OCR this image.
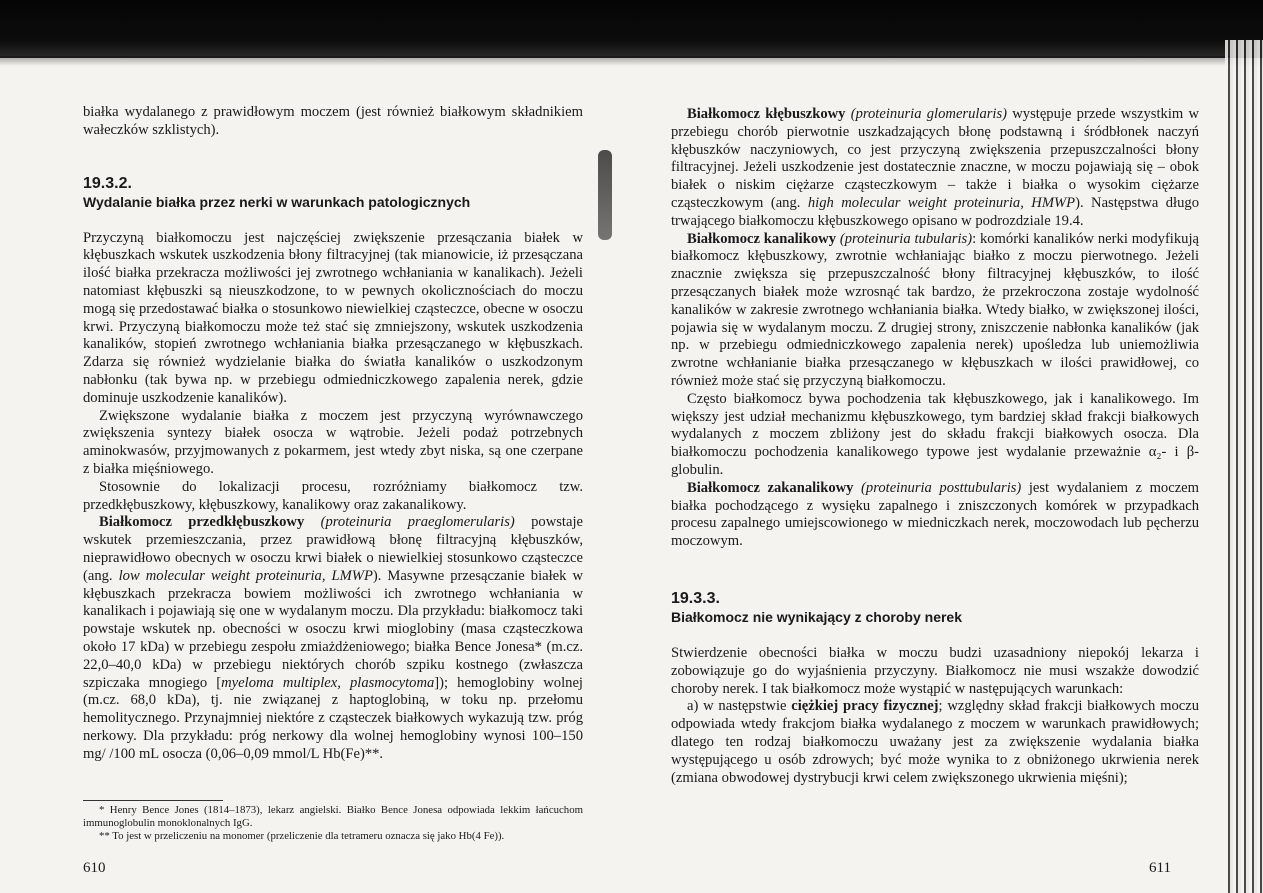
białka wydalanego z prawidłowym moczem (jest również białkowym składnikiem wałeczków szklistych).

19.3.2.
Wydalanie białka przez nerki w warunkach patologicznych

Przyczyną białkomoczu jest najczęściej zwiększenie przesączania białek w kłębuszkach wskutek uszkodzenia błony filtracyjnej (tak mianowicie, iż przesączana ilość białka przekracza możliwości jej zwrotnego wchłaniania w kanalikach). Jeżeli natomiast kłębuszki są nieuszkodzone, to w pewnych okolicznościach do moczu mogą się przedostawać białka o stosunkowo niewielkiej cząsteczce, obecne w osoczu krwi. Przyczyną białkomoczu może też stać się zmniejszony, wskutek uszkodzenia kanalików, stopień zwrotnego wchłaniania białka przesączanego w kłębuszkach. Zdarza się również wydzielanie białka do światła kanalików o uszkodzonym nabłonku (tak bywa np. w przebiegu odmiedniczkowego zapalenia nerek, gdzie dominuje uszkodzenie kanalików).

Zwiększone wydalanie białka z moczem jest przyczyną wyrównawczego zwiększenia syntezy białek osocza w wątrobie. Jeżeli podaż potrzebnych aminokwasów, przyjmowanych z pokarmem, jest wtedy zbyt niska, są one czerpane z białka mięśniowego.

Stosownie do lokalizacji procesu, rozróżniamy białkomocz tzw. przedkłębuszkowy, kłębuszkowy, kanalikowy oraz zakanalikowy.

Białkomocz przedkłębuszkowy (proteinuria praeglomerularis) powstaje wskutek przemieszczania, przez prawidłową błonę filtracyjną kłębuszków, nieprawidłowo obecnych w osoczu krwi białek o niewielkiej stosunkowo cząsteczce (ang. low molecular weight proteinuria, LMWP). Masywne przesączanie białek w kłębuszkach przekracza bowiem możliwości ich zwrotnego wchłaniania w kanalikach i pojawiają się one w wydalanym moczu. Dla przykładu: białkomocz taki powstaje wskutek np. obecności w osoczu krwi mioglobiny (masa cząsteczkowa około 17 kDa) w przebiegu zespołu zmiażdżeniowego; białka Bence Jonesa* (m.cz. 22,0–40,0 kDa) w przebiegu niektórych chorób szpiku kostnego (zwłaszcza szpiczaka mnogiego [myeloma multiplex, plasmocytoma]); hemoglobiny wolnej (m.cz. 68,0 kDa), tj. nie związanej z haptoglobiną, w toku np. przełomu hemolitycznego. Przynajmniej niektóre z cząsteczek białkowych wykazują tzw. próg nerkowy. Dla przykładu: próg nerkowy dla wolnej hemoglobiny wynosi 100–150 mg/ /100 mL osocza (0,06–0,09 mmol/L Hb(Fe)**.

* Henry Bence Jones (1814–1873), lekarz angielski. Białko Bence Jonesa odpowiada lekkim łańcuchom immunoglobulin monoklonalnych IgG.

** To jest w przeliczeniu na monomer (przeliczenie dla tetrameru oznacza się jako Hb(4 Fe)).

610

Białkomocz kłębuszkowy (proteinuria glomerularis) występuje przede wszystkim w przebiegu chorób pierwotnie uszkadzających błonę podstawną i śródbłonek naczyń kłębuszków naczyniowych, co jest przyczyną zwiększenia przepuszczalności błony filtracyjnej. Jeżeli uszkodzenie jest dostatecznie znaczne, w moczu pojawiają się – obok białek o niskim ciężarze cząsteczkowym – także i białka o wysokim ciężarze cząsteczkowym (ang. high molecular weight proteinuria, HMWP). Następstwa długo trwającego białkomoczu kłębuszkowego opisano w podrozdziale 19.4.

Białkomocz kanalikowy (proteinuria tubularis): komórki kanalików nerki modyfikują białkomocz kłębuszkowy, zwrotnie wchłaniając białko z moczu pierwotnego. Jeżeli znacznie zwiększa się przepuszczalność błony filtracyjnej kłębuszków, to ilość przesączanych białek może wzrosnąć tak bardzo, że przekroczona zostaje wydolność kanalików w zakresie zwrotnego wchłaniania białka. Wtedy białko, w zwiększonej ilości, pojawia się w wydalanym moczu. Z drugiej strony, zniszczenie nabłonka kanalików (jak np. w przebiegu odmiedniczkowego zapalenia nerek) upośledza lub uniemożliwia zwrotne wchłanianie białka przesączanego w kłębuszkach w ilości prawidłowej, co również może stać się przyczyną białkomoczu.

Często białkomocz bywa pochodzenia tak kłębuszkowego, jak i kanalikowego. Im większy jest udział mechanizmu kłębuszkowego, tym bardziej skład frakcji białkowych wydalanych z moczem zbliżony jest do składu frakcji białkowych osocza. Dla białkomoczu pochodzenia kanalikowego typowe jest wydalanie przeważnie α₂- i β-globulin.

Białkomocz zakanalikowy (proteinuria posttubularis) jest wydalaniem z moczem białka pochodzącego z wysięku zapalnego i zniszczonych komórek w przypadkach procesu zapalnego umiejscowionego w miedniczkach nerek, moczowodach lub pęcherzu moczowym.

19.3.3.
Białkomocz nie wynikający z choroby nerek

Stwierdzenie obecności białka w moczu budzi uzasadniony niepokój lekarza i zobowiązuje go do wyjaśnienia przyczyny. Białkomocz nie musi wszakże dowodzić choroby nerek. I tak białkomocz może wystąpić w następujących warunkach:

a) w następstwie ciężkiej pracy fizycznej; względny skład frakcji białkowych moczu odpowiada wtedy frakcjom białka wydalanego z moczem w warunkach prawidłowych; dlatego ten rodzaj białkomoczu uważany jest za zwiększenie wydalania białka występującego u osób zdrowych; być może wynika to z obniżonego ukrwienia nerek (zmiana obwodowej dystrybucji krwi celem zwiększonego ukrwienia mięśni);

611
